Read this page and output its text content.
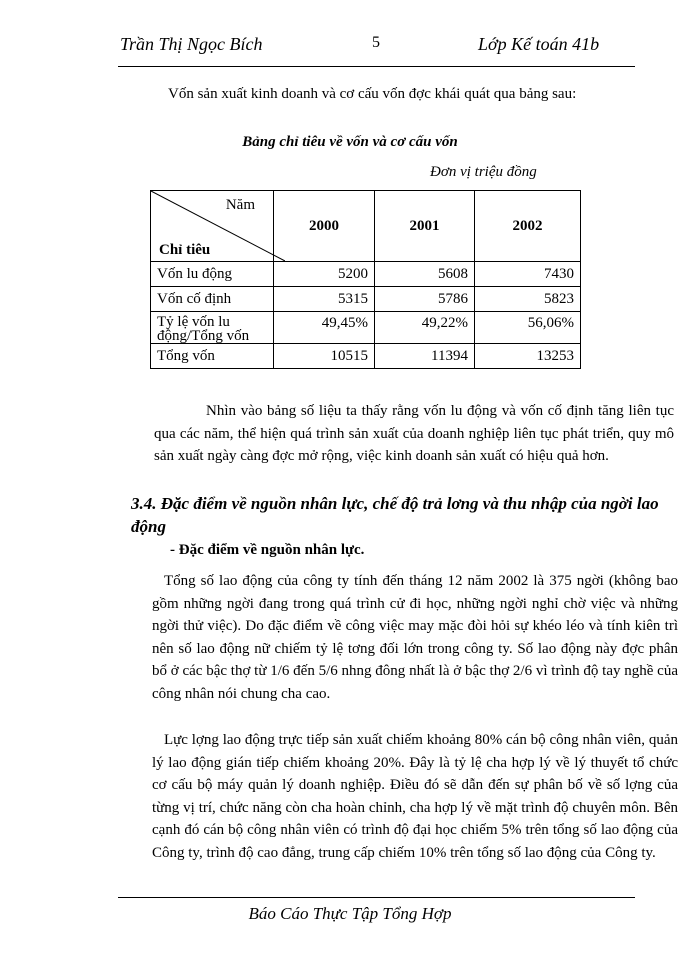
Trần Thị Ngọc Bích	5	Lớp Kế toán 41b
Vốn sản xuất kinh doanh và cơ cấu vốn đợc khái quát qua bảng sau:
Bảng chỉ tiêu về vốn và cơ cấu vốn
Đơn vị triệu đồng
Năm
Chỉ tiêu	2000	2001	2002
Vốn lu động	5200	5608	7430
Vốn cố định	5315	5786	5823
Tỷ lệ vốn lu động/Tổng vốn	49,45%	49,22%	56,06%
Tổng vốn	10515	11394	13253
Nhìn vào bảng số liệu ta thấy rằng vốn lu động và vốn cố định tăng liên tục qua các năm, thể hiện quá trình sản xuất của doanh nghiệp liên tục phát triển, quy mô sản xuất ngày càng đợc mở rộng, việc kinh doanh sản xuất có hiệu quả hơn.
3.4. Đặc điểm về nguồn nhân lực, chế độ trả lơng và thu nhập của ngời lao động
- Đặc điểm về nguồn nhân lực.
Tổng số lao động của công ty tính đến tháng 12 năm 2002 là 375 ngời (không bao gồm những ngời đang trong quá trình cử đi học, những ngời nghỉ chờ việc và những ngời thử việc). Do đặc điểm về công việc may mặc đòi hỏi sự khéo léo và tính kiên trì nên số lao động nữ chiếm tỷ lệ tơng đối lớn trong công ty. Số lao động này đợc phân bổ ở các bậc thợ từ 1/6 đến 5/6 nhng đông nhất là ở bậc thợ 2/6 vì trình độ tay nghề của công nhân nói chung cha cao.
Lực lợng lao động trực tiếp sản xuất chiếm khoảng 80% cán bộ công nhân viên, quản lý lao động gián tiếp chiếm khoảng 20%. Đây là tỷ lệ cha hợp lý về lý thuyết tổ chức cơ cấu bộ máy quản lý doanh nghiệp. Điều đó sẽ dẫn đến sự phân bố về số lợng của từng vị trí, chức năng còn cha hoàn chỉnh, cha hợp lý về mặt trình độ chuyên môn. Bên cạnh đó cán bộ công nhân viên có trình độ đại học chiếm 5% trên tổng số lao động của Công ty, trình độ cao đẳng, trung cấp chiếm 10% trên tổng số lao động của Công ty.
Báo Cáo Thực Tập Tổng Hợp
